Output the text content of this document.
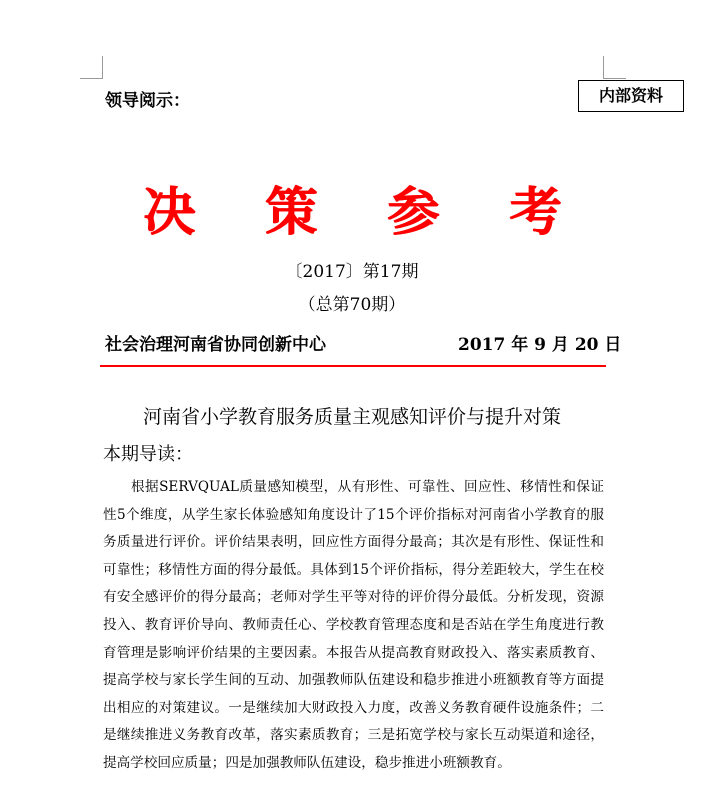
领导阅示：	内部资料
决 策 参 考
〔2017〕第17期
（总第70期）
社会治理河南省协同创新中心	2017 年 9 月 20 日
河南省小学教育服务质量主观感知评价与提升对策
本期导读：

根据SERVQUAL质量感知模型，从有形性、可靠性、回应性、移情性和保证性5个维度，从学生家长体验感知角度设计了15个评价指标对河南省小学教育的服务质量进行评价。评价结果表明，回应性方面得分最高；其次是有形性、保证性和可靠性；移情性方面的得分最低。具体到15个评价指标，得分差距较大，学生在校有安全感评价的得分最高；老师对学生平等对待的评价得分最低。分析发现，资源投入、教育评价导向、教师责任心、学校教育管理态度和是否站在学生角度进行教育管理是影响评价结果的主要因素。本报告从提高教育财政投入、落实素质教育、提高学校与家长学生间的互动、加强教师队伍建设和稳步推进小班额教育等方面提出相应的对策建议。一是继续加大财政投入力度，改善义务教育硬件设施条件；二是继续推进义务教育改革，落实素质教育；三是拓宽学校与家长互动渠道和途径，提高学校回应质量；四是加强教师队伍建设，稳步推进小班额教育。
